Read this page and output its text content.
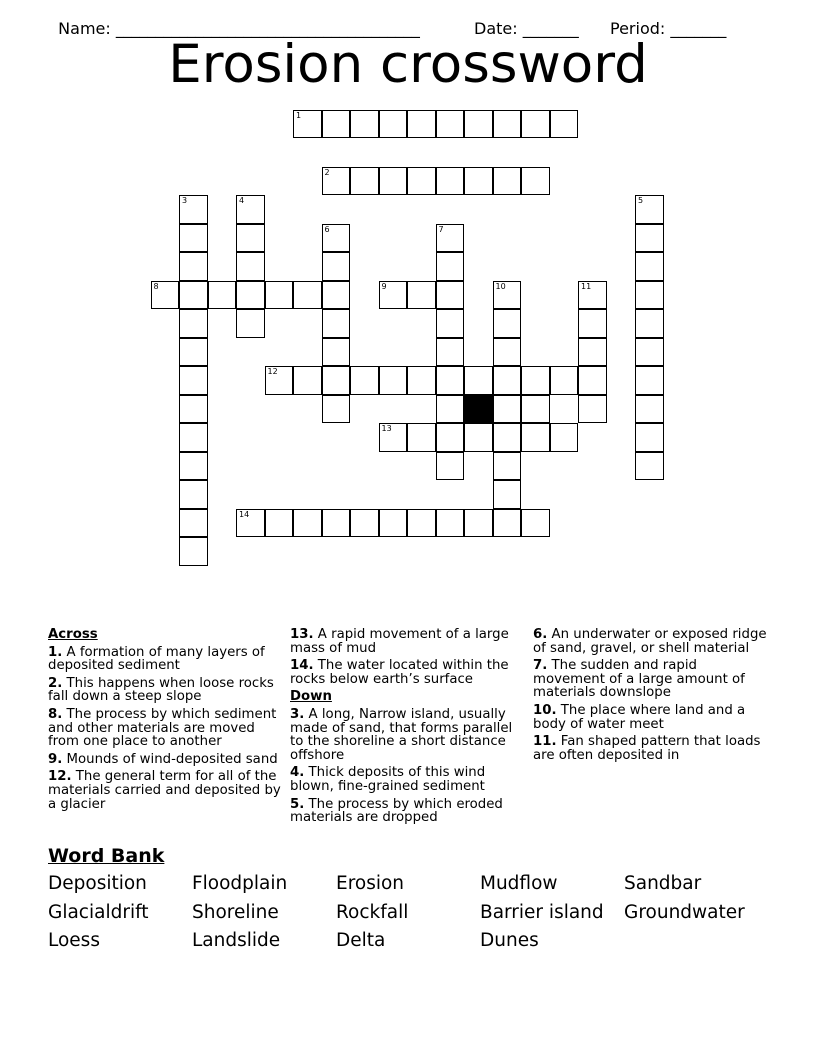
Name: ______________________________________	Date: _______ Period: _______

Erosion crossword
1
2
3	4	5
6	7
8	9	10	11
12
13
14
Across
1. A formation of many layers of deposited sediment
2. This happens when loose rocks fall down a steep slope
8. The process by which sediment and other materials are moved from one place to another
9. Mounds of wind-deposited sand
12. The general term for all of the materials carried and deposited by a glacier
13. A rapid movement of a large mass of mud
14. The water located within the rocks below earth’s surface
Down
3. A long, Narrow island, usually made of sand, that forms parallel to the shoreline a short distance offshore
4. Thick deposits of this wind blown, fine-grained sediment
5. The process by which eroded materials are dropped
6. An underwater or exposed ridge of sand, gravel, or shell material
7. The sudden and rapid movement of a large amount of materials downslope
10. The place where land and a body of water meet
11. Fan shaped pattern that loads are often deposited in
Word Bank
Deposition	Floodplain	Erosion	Mudflow	Sandbar
Glacialdrift	Shoreline	Rockfall	Barrier island	Groundwater
Loess	Landslide	Delta	Dunes
